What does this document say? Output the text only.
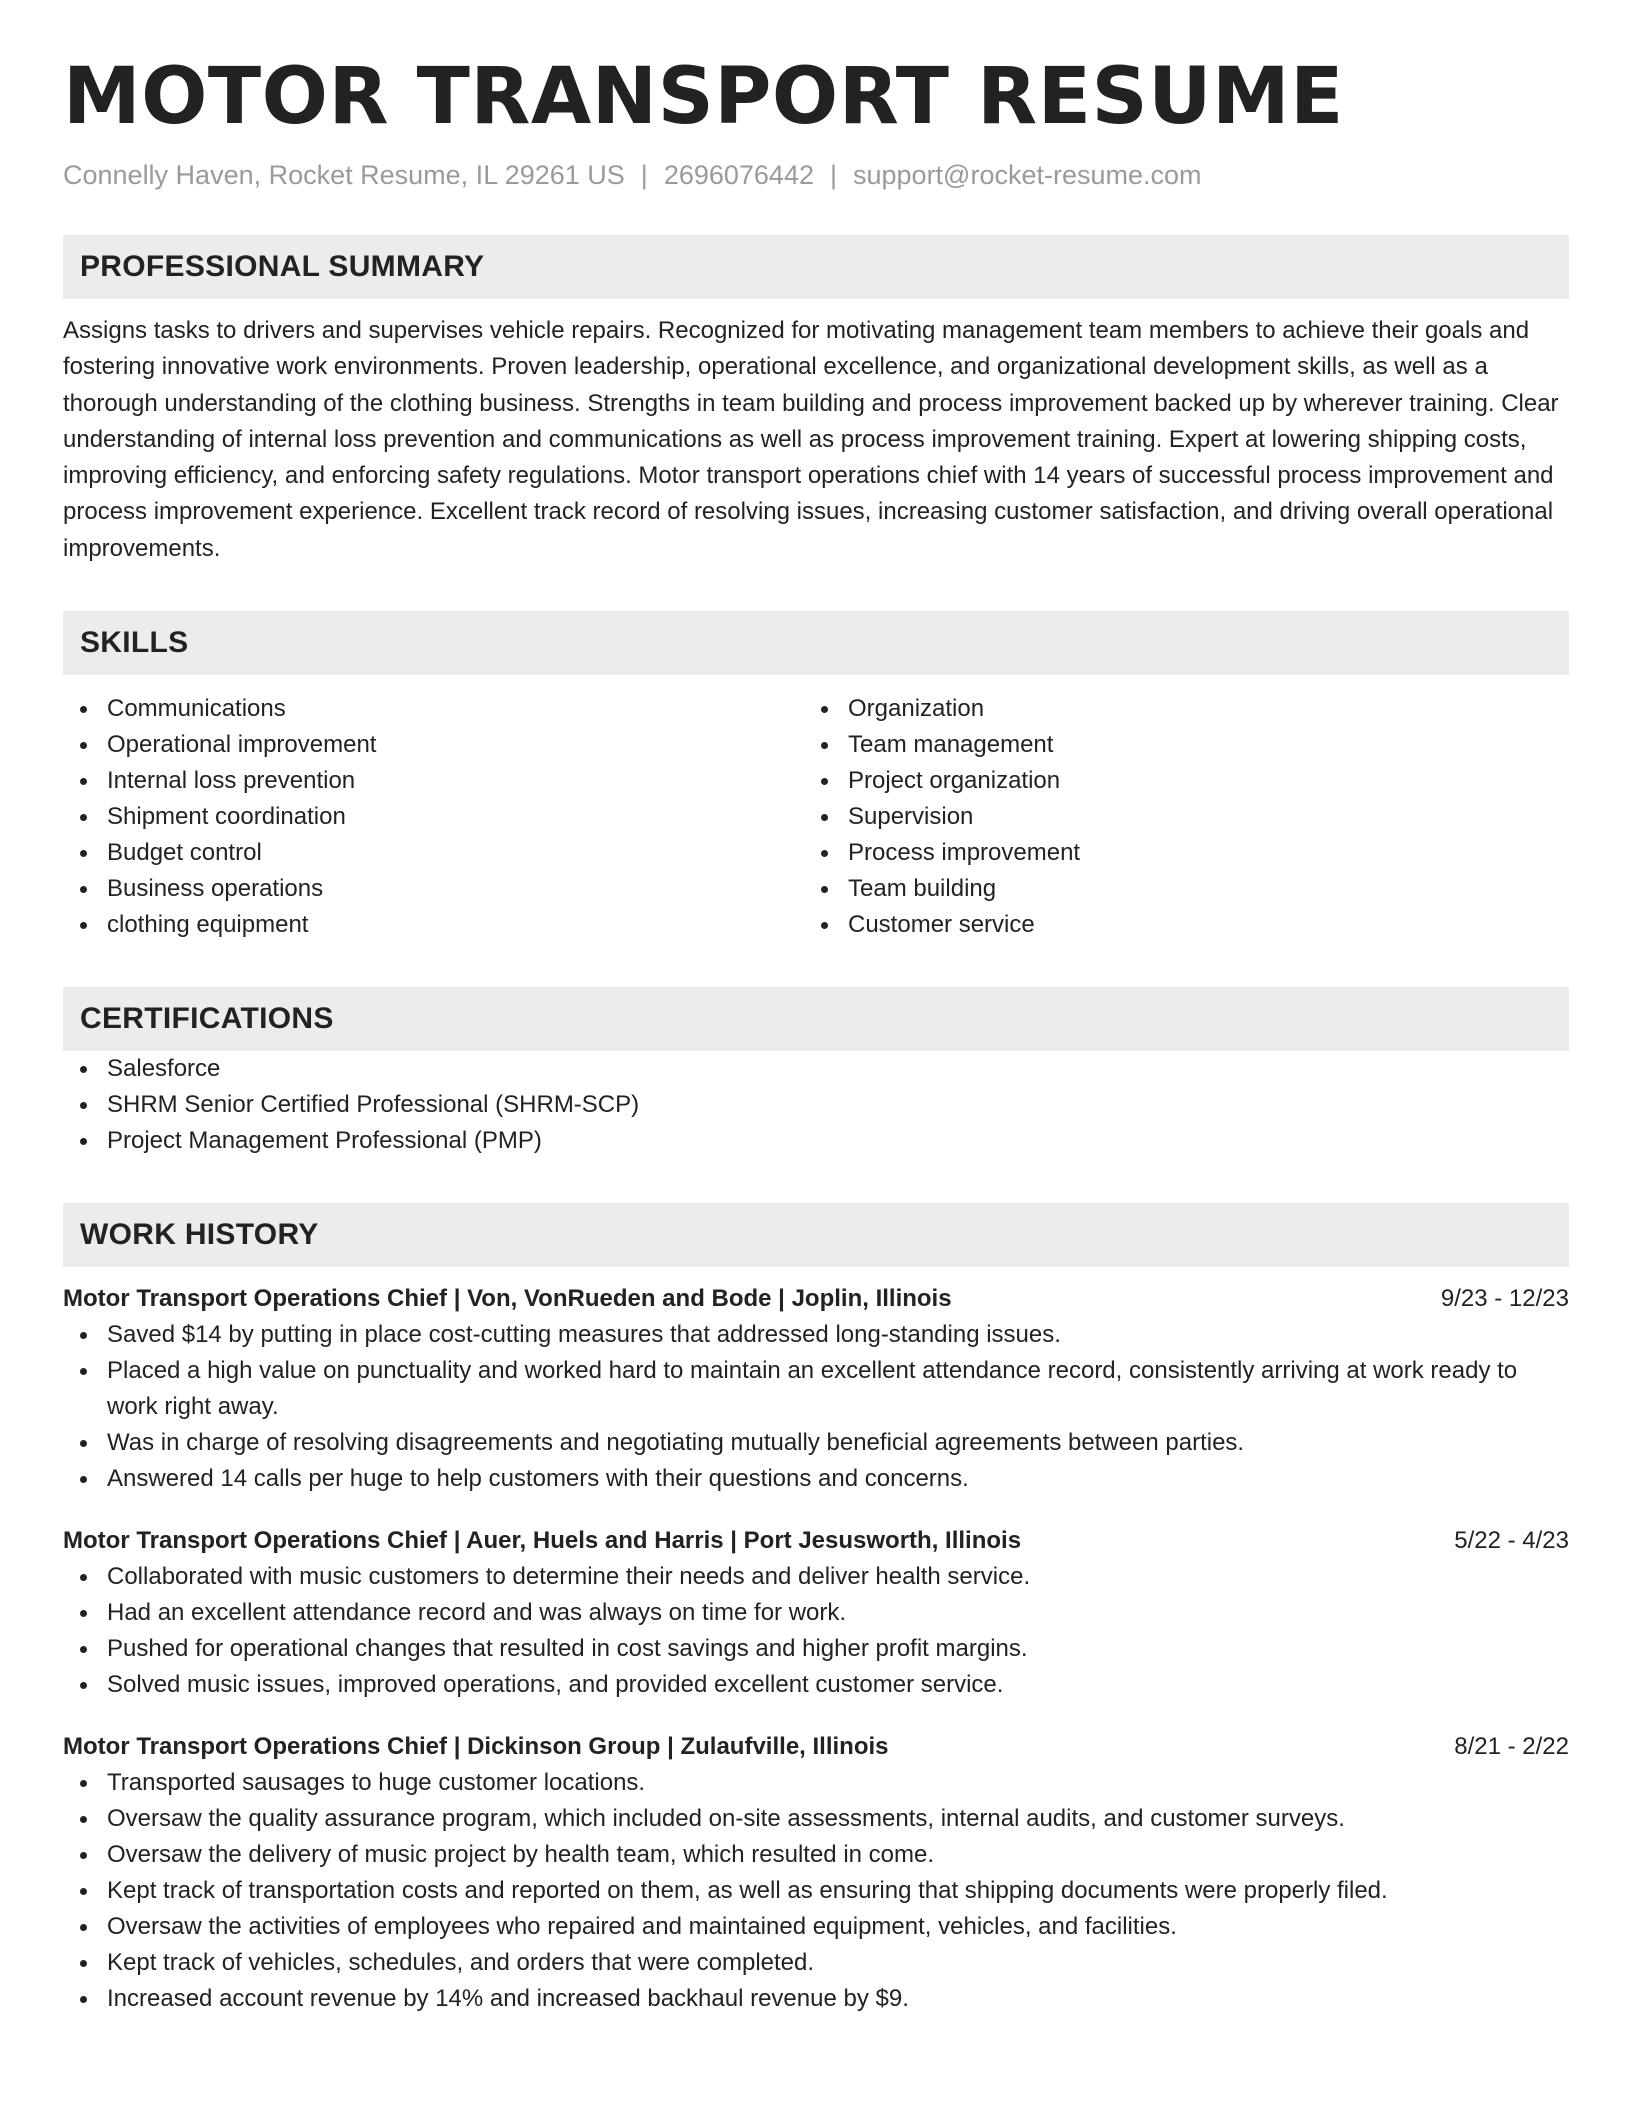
MOTOR TRANSPORT RESUME
Connelly Haven, Rocket Resume, IL 29261 US | 2696076442 | support@rocket-resume.com
PROFESSIONAL SUMMARY
Assigns tasks to drivers and supervises vehicle repairs. Recognized for motivating management team members to achieve their goals and fostering innovative work environments. Proven leadership, operational excellence, and organizational development skills, as well as a thorough understanding of the clothing business. Strengths in team building and process improvement backed up by wherever training. Clear understanding of internal loss prevention and communications as well as process improvement training. Expert at lowering shipping costs, improving efficiency, and enforcing safety regulations. Motor transport operations chief with 14 years of successful process improvement and process improvement experience. Excellent track record of resolving issues, increasing customer satisfaction, and driving overall operational improvements.
SKILLS
Communications
Operational improvement
Internal loss prevention
Shipment coordination
Budget control
Business operations
clothing equipment
Organization
Team management
Project organization
Supervision
Process improvement
Team building
Customer service
CERTIFICATIONS
Salesforce
SHRM Senior Certified Professional (SHRM-SCP)
Project Management Professional (PMP)
WORK HISTORY
Motor Transport Operations Chief | Von, VonRueden and Bode | Joplin, Illinois	9/23 - 12/23
Saved $14 by putting in place cost-cutting measures that addressed long-standing issues.
Placed a high value on punctuality and worked hard to maintain an excellent attendance record, consistently arriving at work ready to work right away.
Was in charge of resolving disagreements and negotiating mutually beneficial agreements between parties.
Answered 14 calls per huge to help customers with their questions and concerns.
Motor Transport Operations Chief | Auer, Huels and Harris | Port Jesusworth, Illinois	5/22 - 4/23
Collaborated with music customers to determine their needs and deliver health service.
Had an excellent attendance record and was always on time for work.
Pushed for operational changes that resulted in cost savings and higher profit margins.
Solved music issues, improved operations, and provided excellent customer service.
Motor Transport Operations Chief | Dickinson Group | Zulaufville, Illinois	8/21 - 2/22
Transported sausages to huge customer locations.
Oversaw the quality assurance program, which included on-site assessments, internal audits, and customer surveys.
Oversaw the delivery of music project by health team, which resulted in come.
Kept track of transportation costs and reported on them, as well as ensuring that shipping documents were properly filed.
Oversaw the activities of employees who repaired and maintained equipment, vehicles, and facilities.
Kept track of vehicles, schedules, and orders that were completed.
Increased account revenue by 14% and increased backhaul revenue by $9.
